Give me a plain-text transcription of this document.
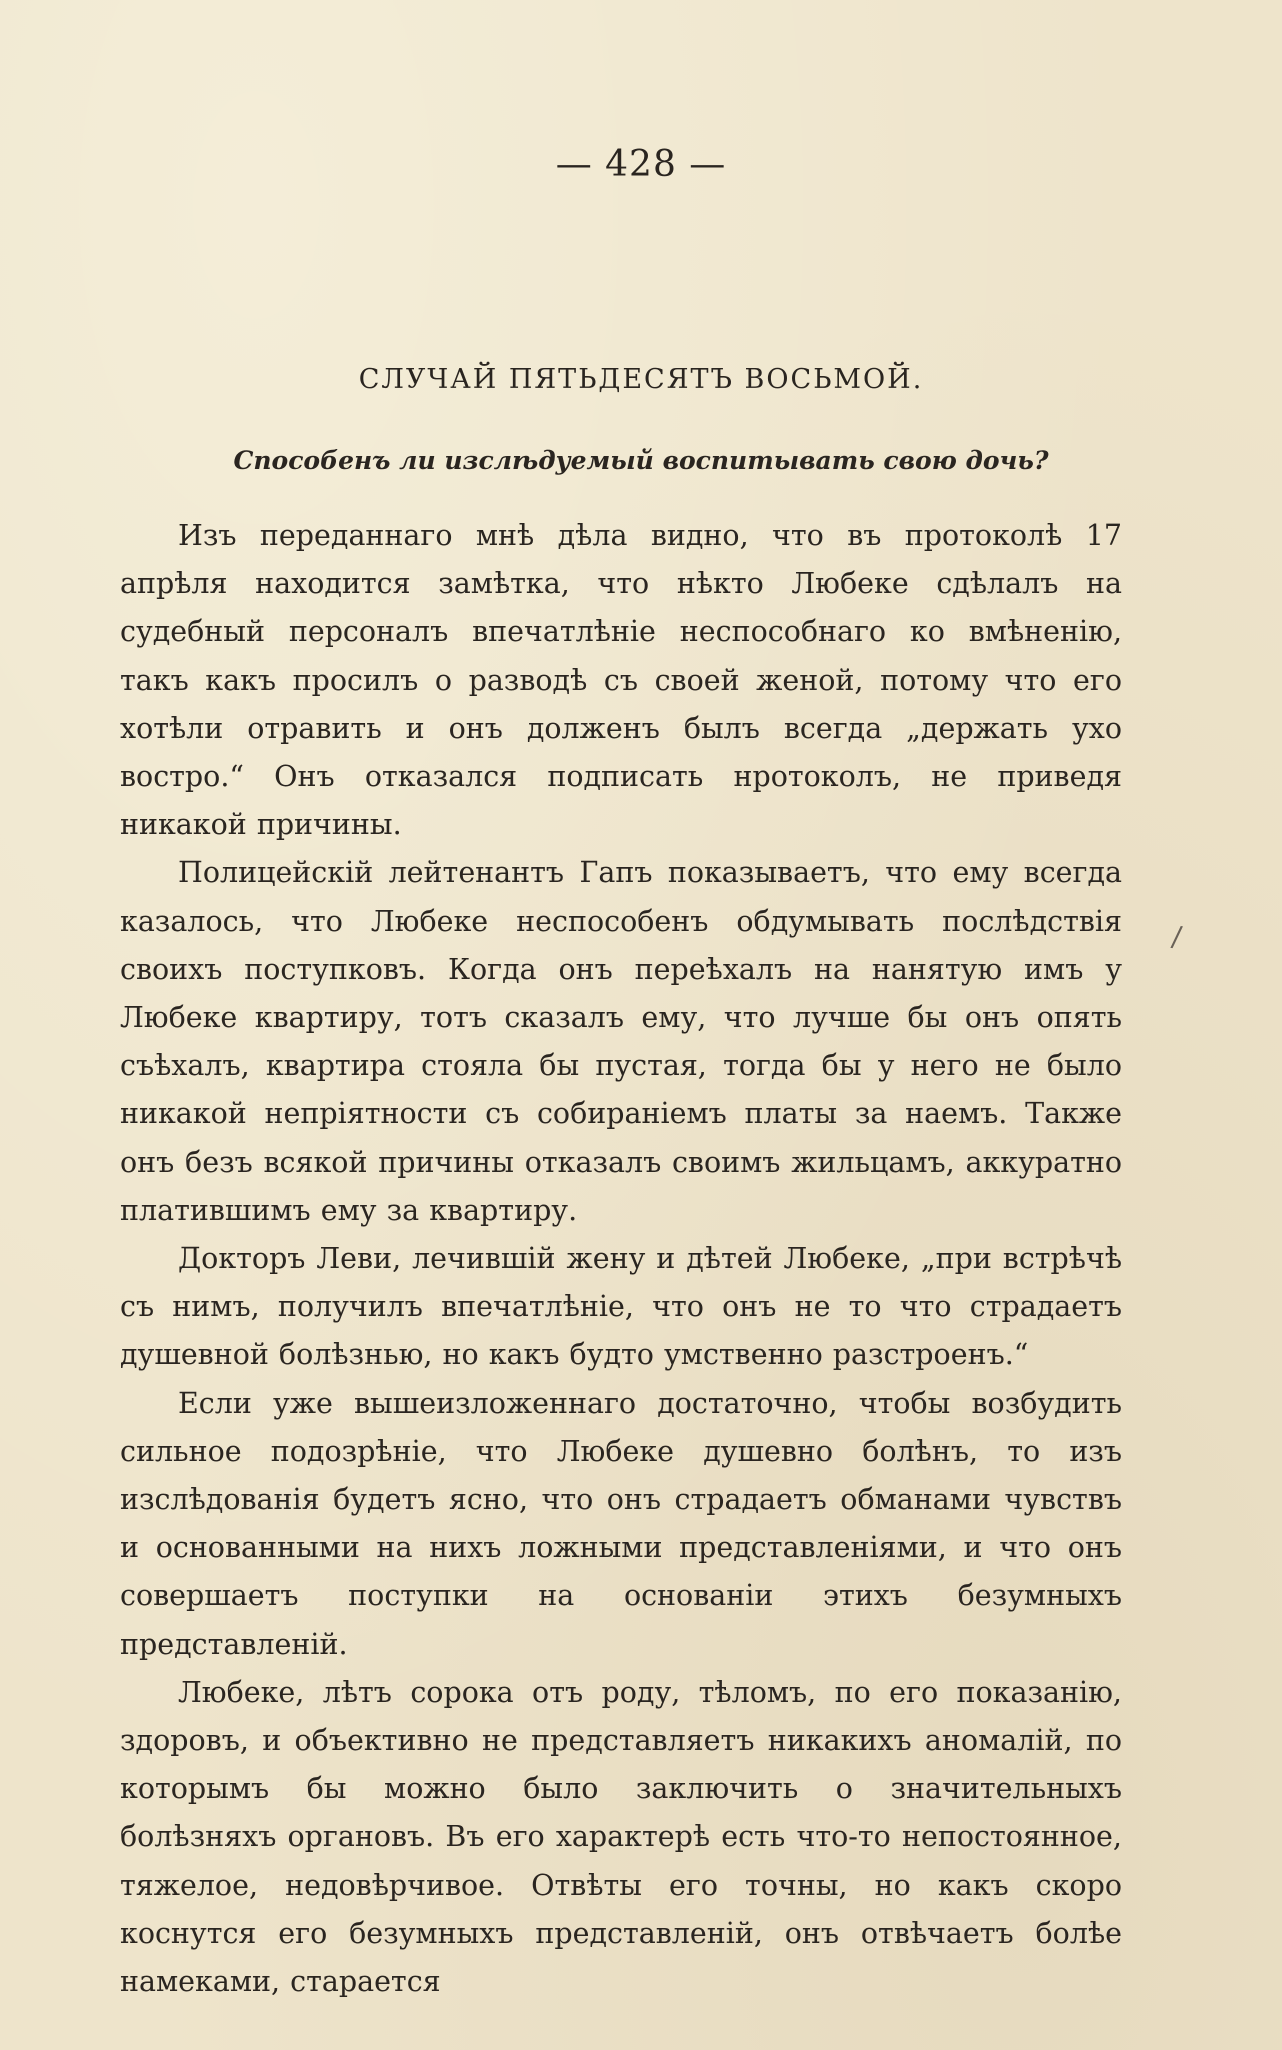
— 428 —
СЛУЧАЙ ПЯТЬДЕСЯТЪ ВОСЬМОЙ.
Способенъ ли изслѣдуемый воспитывать свою дочь?

Изъ переданнаго мнѣ дѣла видно, что въ протоколѣ 17 апрѣля находится замѣтка, что нѣкто Любеке сдѣлалъ на судебный персоналъ впечатлѣніе неспособнаго ко вмѣненію, такъ какъ просилъ о разводѣ съ своей женой, потому что его хотѣли отравить и онъ долженъ былъ всегда „держать ухо востро.“ Онъ отказался подписать нротоколъ, не приведя никакой причины.

Полицейскій лейтенантъ Гапъ показываетъ, что ему всегда казалось, что Любеке неспособенъ обдумывать послѣдствія своихъ поступковъ. Когда онъ переѣхалъ на нанятую имъ у Любеке квартиру, тотъ сказалъ ему, что лучше бы онъ опять съѣхалъ, квартира стояла бы пустая, тогда бы у него не было никакой непріятности съ собираніемъ платы за наемъ. Также онъ безъ всякой причины отказалъ своимъ жильцамъ, аккуратно платившимъ ему за квартиру.

Докторъ Леви, лечившій жену и дѣтей Любеке, „при встрѣчѣ съ нимъ, получилъ впечатлѣніе, что онъ не то что страдаетъ душевной болѣзнью, но какъ будто умственно разстроенъ.“

Если уже вышеизложеннаго достаточно, чтобы возбудить сильное подозрѣніе, что Любеке душевно болѣнъ, то изъ изслѣдованія будетъ ясно, что онъ страдаетъ обманами чувствъ и основанными на нихъ ложными представленіями, и что онъ совершаетъ поступки на основаніи этихъ безумныхъ представленій.

Любеке, лѣтъ сорока отъ роду, тѣломъ, по его показанію, здоровъ, и объективно не представляетъ никакихъ аномалій, по которымъ бы можно было заключить о значительныхъ болѣзняхъ органовъ. Въ его характерѣ есть что-то непостоянное, тяжелое, недовѣрчивое. Отвѣты его точны, но какъ скоро коснутся его безумныхъ представленій, онъ отвѣчаетъ болѣе намеками, старается

/
